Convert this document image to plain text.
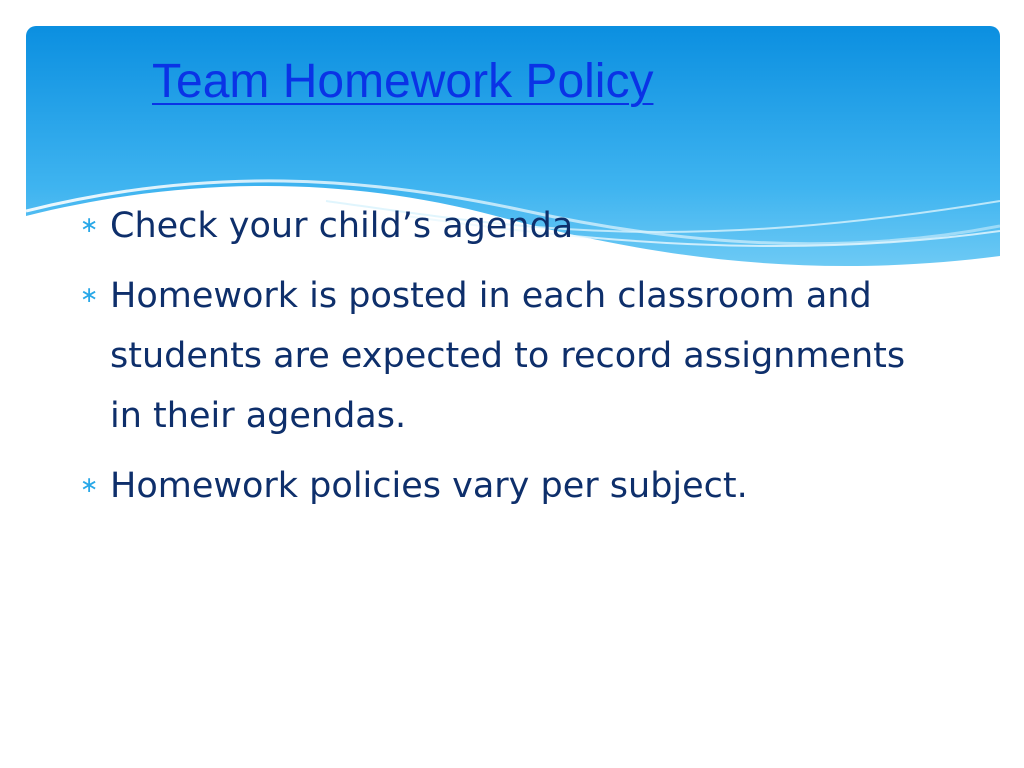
Team Homework Policy
∗ Check your child’s agenda
∗ Homework is posted in each classroom and students are expected to record assignments in their agendas.
∗ Homework policies vary per subject.
